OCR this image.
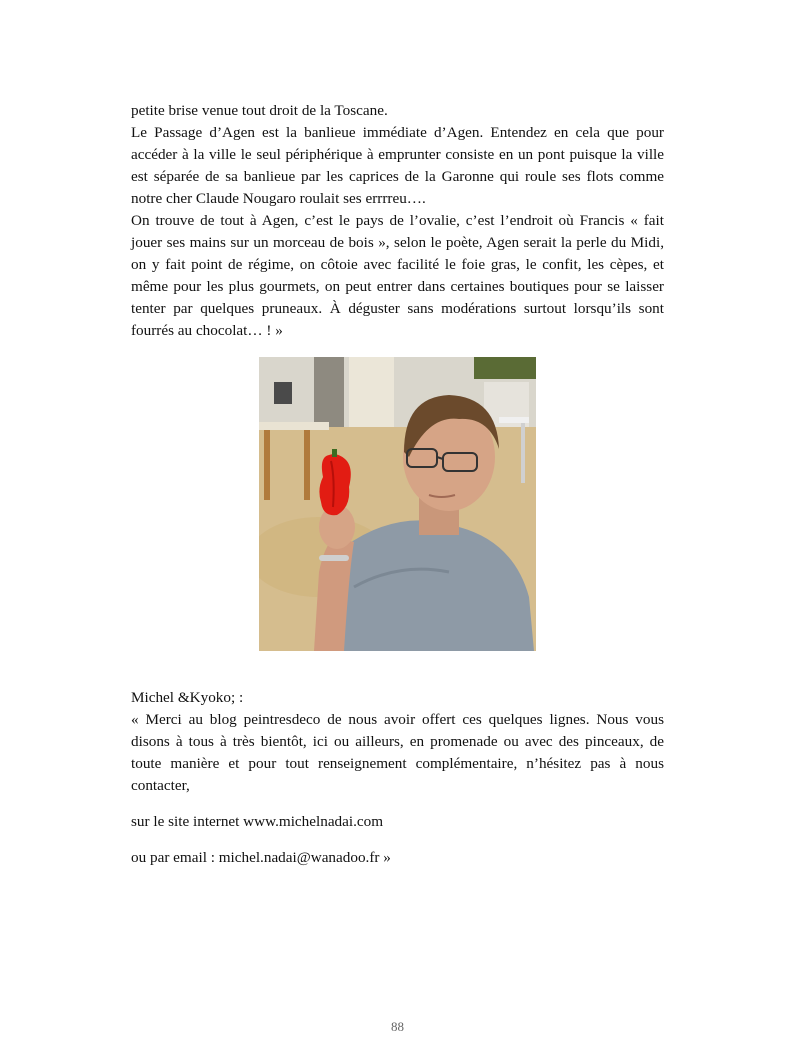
petite brise venue tout droit de la Toscane.

Le Passage d’Agen est la banlieue immédiate d’Agen. Entendez en cela que pour accéder à la ville le seul périphérique à emprunter consiste en un pont puisque la ville est séparée de sa banlieue par les caprices de la Garonne qui roule ses flots comme notre cher Claude Nougaro roulait ses errrreu….

On trouve de tout à Agen, c’est le pays de l’ovalie, c’est l’endroit où Francis « fait jouer ses mains sur un morceau de bois », selon le poète, Agen serait la perle du Midi, on y fait point de régime, on côtoie avec facilité le foie gras, le confit, les cèpes, et même pour les plus gourmets, on peut entrer dans certaines boutiques pour se laisser tenter par quelques pruneaux. À déguster sans modérations surtout lorsqu’ils sont fourrés au chocolat… ! »

Michel &Kyoko; :

« Merci au blog peintresdeco de nous avoir offert ces quelques lignes. Nous vous disons à tous à très bientôt, ici ou ailleurs, en promenade ou avec des pinceaux, de toute manière et pour tout renseignement complémentaire, n’hésitez pas à nous contacter,

sur le site internet www.michelnadai.com

ou par email : michel.nadai@wanadoo.fr »

88
